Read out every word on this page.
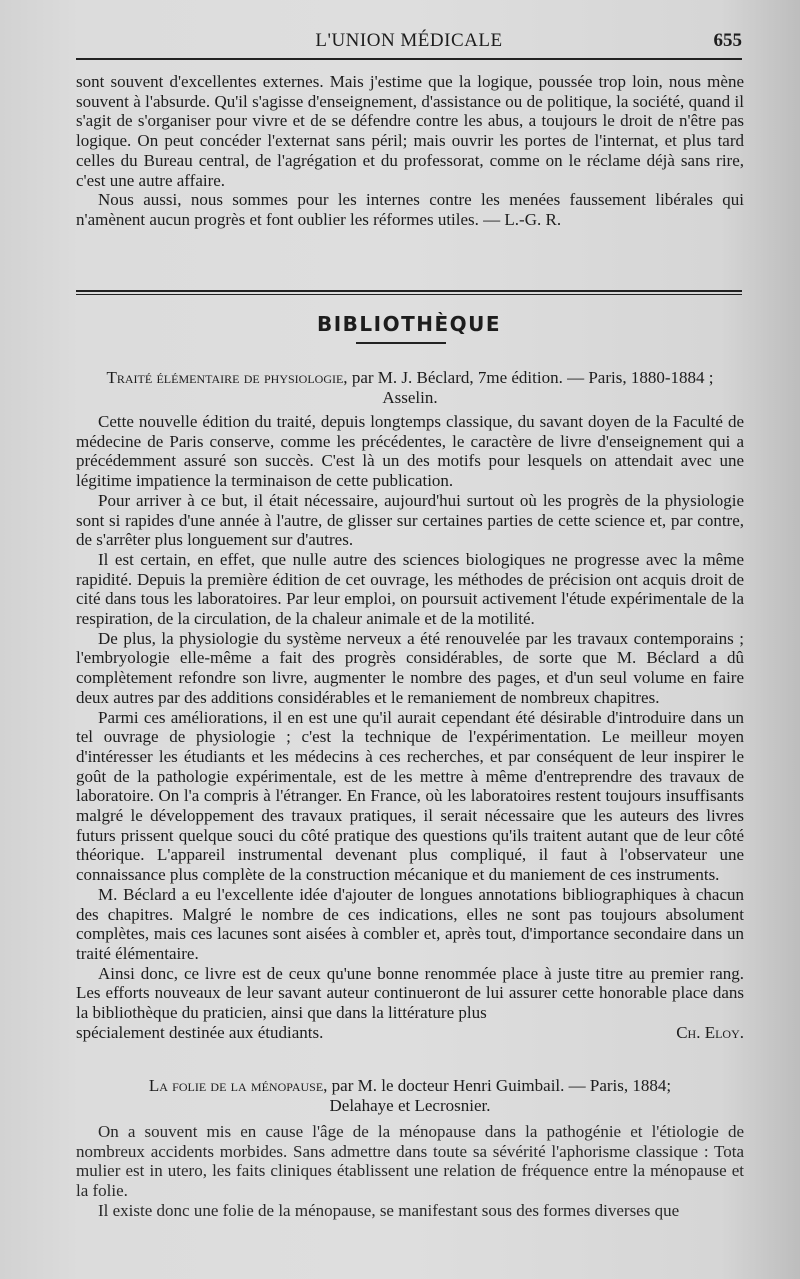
L'UNION MÉDICALE	655

sont souvent d'excellentes externes. Mais j'estime que la logique, poussée trop loin, nous mène souvent à l'absurde. Qu'il s'agisse d'enseignement, d'assistance ou de politique, la société, quand il s'agit de s'organiser pour vivre et de se défendre contre les abus, a toujours le droit de n'être pas logique. On peut concéder l'externat sans péril; mais ouvrir les portes de l'internat, et plus tard celles du Bureau central, de l'agrégation et du professorat, comme on le réclame déjà sans rire, c'est une autre affaire.

Nous aussi, nous sommes pour les internes contre les menées faussement libérales qui n'amènent aucun progrès et font oublier les réformes utiles. — L.-G. R.

BIBLIOTHÈQUE
Traité élémentaire de physiologie, par M. J. Béclard, 7me édition. — Paris, 1880-1884 ;
Asselin.

Cette nouvelle édition du traité, depuis longtemps classique, du savant doyen de la Faculté de médecine de Paris conserve, comme les précédentes, le caractère de livre d'enseignement qui a précédemment assuré son succès. C'est là un des motifs pour lesquels on attendait avec une légitime impatience la terminaison de cette publication.

Pour arriver à ce but, il était nécessaire, aujourd'hui surtout où les progrès de la physiologie sont si rapides d'une année à l'autre, de glisser sur certaines parties de cette science et, par contre, de s'arrêter plus longuement sur d'autres.

Il est certain, en effet, que nulle autre des sciences biologiques ne progresse avec la même rapidité. Depuis la première édition de cet ouvrage, les méthodes de précision ont acquis droit de cité dans tous les laboratoires. Par leur emploi, on poursuit activement l'étude expérimentale de la respiration, de la circulation, de la chaleur animale et de la motilité.

De plus, la physiologie du système nerveux a été renouvelée par les travaux contemporains ; l'embryologie elle-même a fait des progrès considérables, de sorte que M. Béclard a dû complètement refondre son livre, augmenter le nombre des pages, et d'un seul volume en faire deux autres par des additions considérables et le remaniement de nombreux chapitres.

Parmi ces améliorations, il en est une qu'il aurait cependant été désirable d'introduire dans un tel ouvrage de physiologie ; c'est la technique de l'expérimentation. Le meilleur moyen d'intéresser les étudiants et les médecins à ces recherches, et par conséquent de leur inspirer le goût de la pathologie expérimentale, est de les mettre à même d'entreprendre des travaux de laboratoire. On l'a compris à l'étranger. En France, où les laboratoires restent toujours insuffisants malgré le développement des travaux pratiques, il serait nécessaire que les auteurs des livres futurs prissent quelque souci du côté pratique des questions qu'ils traitent autant que de leur côté théorique. L'appareil instrumental devenant plus compliqué, il faut à l'observateur une connaissance plus complète de la construction mécanique et du maniement de ces instruments.

M. Béclard a eu l'excellente idée d'ajouter de longues annotations bibliographiques à chacun des chapitres. Malgré le nombre de ces indications, elles ne sont pas toujours absolument complètes, mais ces lacunes sont aisées à combler et, après tout, d'importance secondaire dans un traité élémentaire.

Ainsi donc, ce livre est de ceux qu'une bonne renommée place à juste titre au premier rang. Les efforts nouveaux de leur savant auteur continueront de lui assurer cette honorable place dans la bibliothèque du praticien, ainsi que dans la littérature plus

spécialement destinée aux étudiants.	Ch. Eloy.
La folie de la ménopause, par M. le docteur Henri Guimbail. — Paris, 1884;
Delahaye et Lecrosnier.

On a souvent mis en cause l'âge de la ménopause dans la pathogénie et l'étiologie de nombreux accidents morbides. Sans admettre dans toute sa sévérité l'aphorisme classique : Tota mulier est in utero, les faits cliniques établissent une relation de fréquence entre la ménopause et la folie.

Il existe donc une folie de la ménopause, se manifestant sous des formes diverses que
